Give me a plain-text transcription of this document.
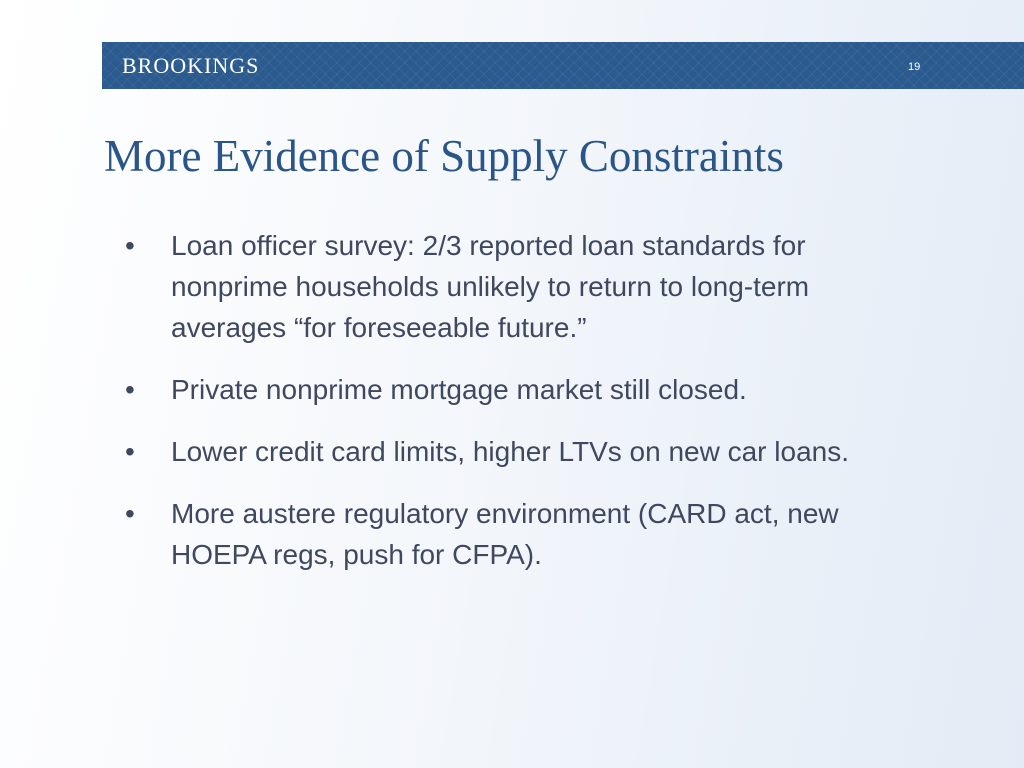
BROOKINGS	19
More Evidence of Supply Constraints
• Loan officer survey: 2/3 reported loan standards for nonprime households unlikely to return to long-term averages “for foreseeable future.”
• Private nonprime mortgage market still closed.
• Lower credit card limits, higher LTVs on new car loans.
• More austere regulatory environment (CARD act, new HOEPA regs, push for CFPA).
